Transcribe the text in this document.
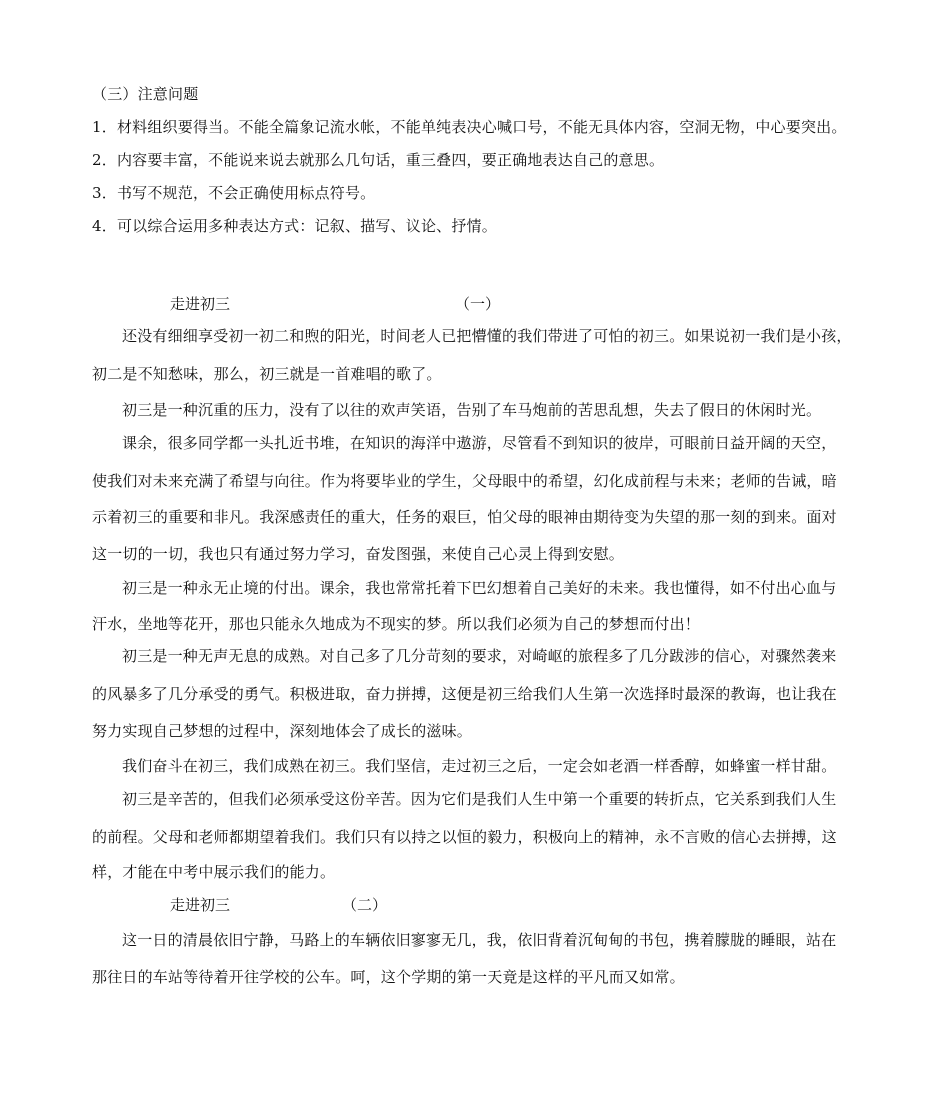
（三）注意问题
1．材料组织要得当。不能全篇象记流水帐，不能单纯表决心喊口号，不能无具体内容，空洞无物，中心要突出。
2．内容要丰富，不能说来说去就那么几句话，重三叠四，要正确地表达自己的意思。
3．书写不规范，不会正确使用标点符号。
4．可以综合运用多种表达方式：记叙、描写、议论、抒情。
走进初三	（一）
还没有细细享受初一初二和煦的阳光，时间老人已把懵懂的我们带进了可怕的初三。如果说初一我们是小孩，
初二是不知愁味，那么，初三就是一首难唱的歌了。
初三是一种沉重的压力，没有了以往的欢声笑语，告别了车马炮前的苦思乱想，失去了假日的休闲时光。
课余，很多同学都一头扎近书堆，在知识的海洋中遨游，尽管看不到知识的彼岸，可眼前日益开阔的天空，
使我们对未来充满了希望与向往。作为将要毕业的学生，父母眼中的希望，幻化成前程与未来；老师的告诫，暗
示着初三的重要和非凡。我深感责任的重大，任务的艰巨，怕父母的眼神由期待变为失望的那一刻的到来。面对
这一切的一切，我也只有通过努力学习，奋发图强，来使自己心灵上得到安慰。
初三是一种永无止境的付出。课余，我也常常托着下巴幻想着自己美好的未来。我也懂得，如不付出心血与
汗水，坐地等花开，那也只能永久地成为不现实的梦。所以我们必须为自己的梦想而付出！
初三是一种无声无息的成熟。对自己多了几分苛刻的要求，对崎岖的旅程多了几分跋涉的信心，对骤然袭来
的风暴多了几分承受的勇气。积极进取，奋力拼搏，这便是初三给我们人生第一次选择时最深的教诲，也让我在
努力实现自己梦想的过程中，深刻地体会了成长的滋味。
我们奋斗在初三，我们成熟在初三。我们坚信，走过初三之后，一定会如老酒一样香醇，如蜂蜜一样甘甜。
初三是辛苦的，但我们必须承受这份辛苦。因为它们是我们人生中第一个重要的转折点，它关系到我们人生
的前程。父母和老师都期望着我们。我们只有以持之以恒的毅力，积极向上的精神，永不言败的信心去拼搏，这
样，才能在中考中展示我们的能力。
走进初三	（二）
这一日的清晨依旧宁静，马路上的车辆依旧寥寥无几，我，依旧背着沉甸甸的书包，携着朦胧的睡眼，站在
那往日的车站等待着开往学校的公车。呵，这个学期的第一天竟是这样的平凡而又如常。
